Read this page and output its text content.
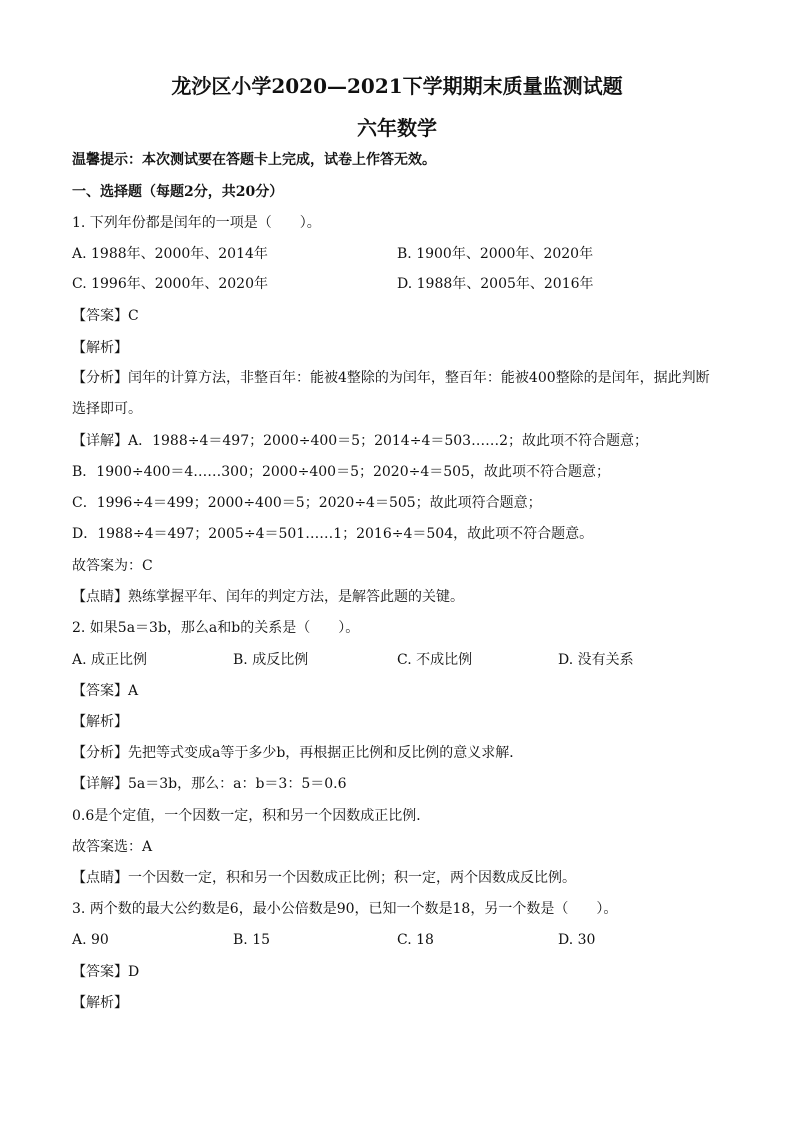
龙沙区小学2020—2021下学期期末质量监测试题
六年数学
温馨提示：本次测试要在答题卡上完成，试卷上作答无效。
一、选择题（每题2分，共20分）
1. 下列年份都是闰年的一项是（　　）。
A. 1988年、2000年、2014年	B. 1900年、2000年、2020年
C. 1996年、2000年、2020年	D. 1988年、2005年、2016年
【答案】C
【解析】
【分析】闰年的计算方法，非整百年：能被4整除的为闰年，整百年：能被400整除的是闰年，据此判断
选择即可。
【详解】A．1988÷4＝497；2000÷400＝5；2014÷4＝503……2；故此项不符合题意；
B．1900÷400＝4……300；2000÷400＝5；2020÷4＝505，故此项不符合题意；
C．1996÷4＝499；2000÷400＝5；2020÷4＝505；故此项符合题意；
D．1988÷4＝497；2005÷4＝501……1；2016÷4＝504，故此项不符合题意。
故答案为：C
【点睛】熟练掌握平年、闰年的判定方法，是解答此题的关键。
2. 如果5a＝3b，那么a和b的关系是（　　）。
A. 成正比例	B. 成反比例	C. 不成比例	D. 没有关系
【答案】A
【解析】
【分析】先把等式变成a等于多少b，再根据正比例和反比例的意义求解．
【详解】5a＝3b，那么：a：b＝3：5＝0.6
0.6是个定值，一个因数一定，积和另一个因数成正比例．
故答案选：A
【点睛】一个因数一定，积和另一个因数成正比例；积一定，两个因数成反比例。
3. 两个数的最大公约数是6，最小公倍数是90，已知一个数是18，另一个数是（　　）。
A. 90	B. 15	C. 18	D. 30
【答案】D
【解析】
